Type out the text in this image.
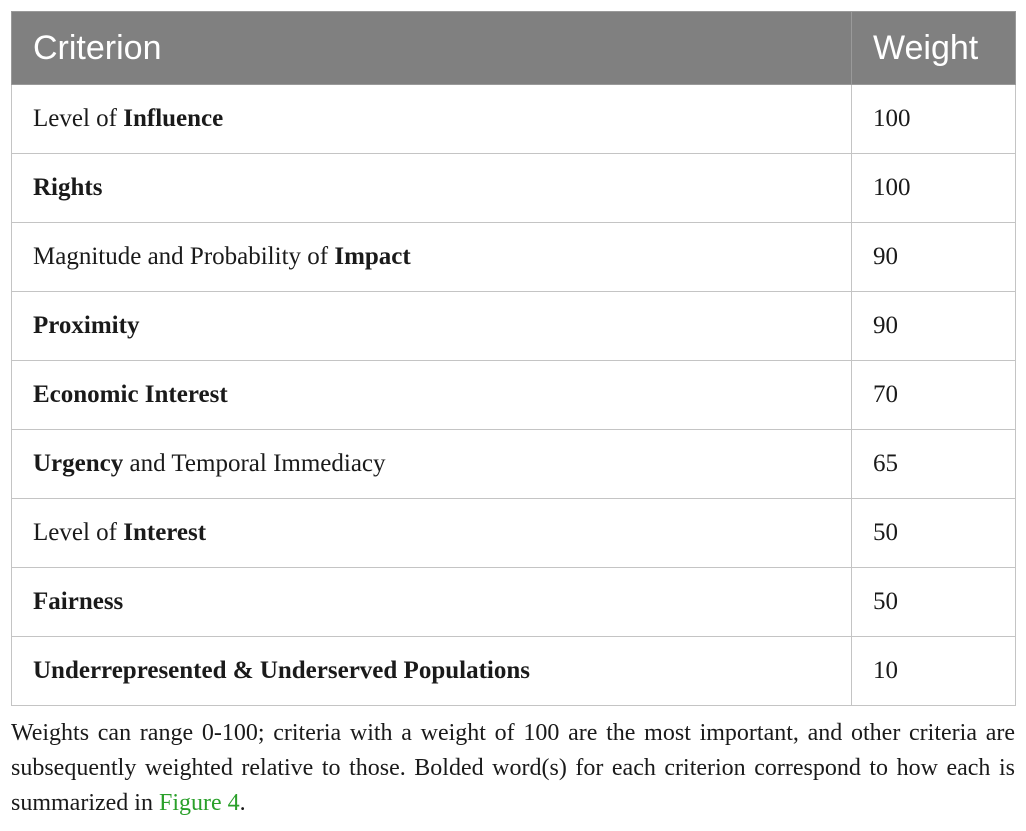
Criterion	Weight
Level of Influence	100
Rights	100
Magnitude and Probability of Impact	90
Proximity	90
Economic Interest	70
Urgency and Temporal Immediacy	65
Level of Interest	50
Fairness	50
Underrepresented & Underserved Populations	10

Weights can range 0-100; criteria with a weight of 100 are the most important, and other criteria are subsequently weighted relative to those. Bolded word(s) for each criterion correspond to how each is summarized in Figure 4.
